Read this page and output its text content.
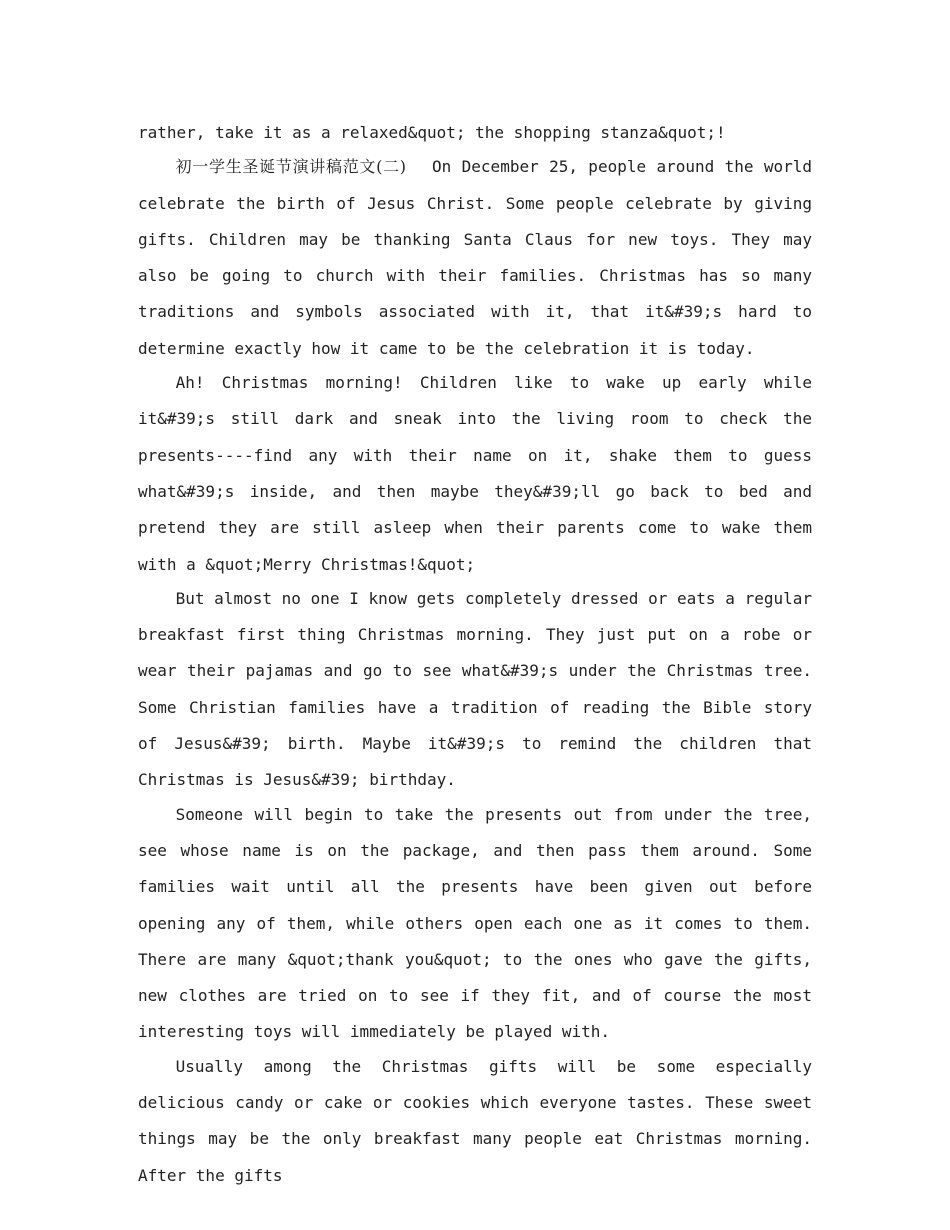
rather, take it as a relaxed&quot; the shopping stanza&quot;!

初一学生圣诞节演讲稿范文(二) On December 25, people around the world celebrate the birth of Jesus Christ. Some people celebrate by giving gifts. Children may be thanking Santa Claus for new toys. They may also be going to church with their families. Christmas has so many traditions and symbols associated with it, that it&#39;s hard to determine exactly how it came to be the celebration it is today.

Ah! Christmas morning! Children like to wake up early while it&#39;s still dark and sneak into the living room to check the presents----find any with their name on it, shake them to guess what&#39;s inside, and then maybe they&#39;ll go back to bed and pretend they are still asleep when their parents come to wake them with a &quot;Merry Christmas!&quot;

But almost no one I know gets completely dressed or eats a regular breakfast first thing Christmas morning. They just put on a robe or wear their pajamas and go to see what&#39;s under the Christmas tree. Some Christian families have a tradition of reading the Bible story of Jesus&#39; birth. Maybe it&#39;s to remind the children that Christmas is Jesus&#39; birthday.

Someone will begin to take the presents out from under the tree, see whose name is on the package, and then pass them around. Some families wait until all the presents have been given out before opening any of them, while others open each one as it comes to them. There are many &quot;thank you&quot; to the ones who gave the gifts, new clothes are tried on to see if they fit, and of course the most interesting toys will immediately be played with.

Usually among the Christmas gifts will be some especially delicious candy or cake or cookies which everyone tastes. These sweet things may be the only breakfast many people eat Christmas morning. After the gifts
